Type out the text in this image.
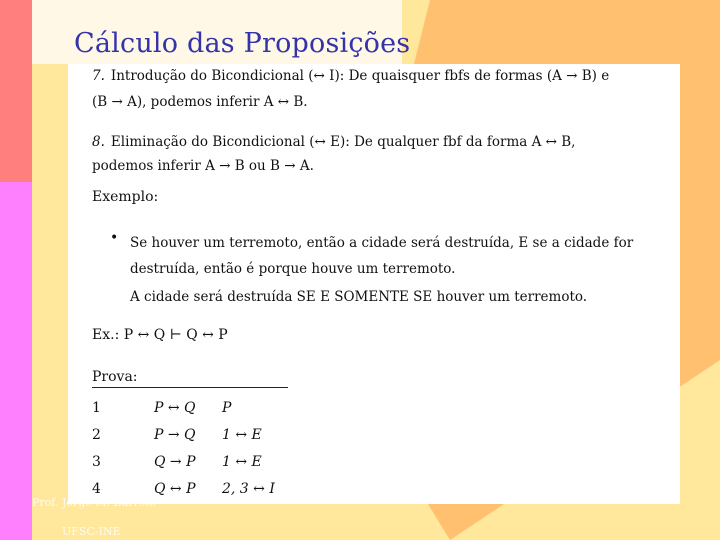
Cálculo das Proposições
7. Introdução do Bicondicional (↔ I): De quaisquer fbfs de formas (A → B) e
(B → A), podemos inferir A ↔ B.
8. Eliminação do Bicondicional (↔ E): De qualquer fbf da forma A ↔ B,
podemos inferir A → B ou B → A.
Exemplo:
• Se houver um terremoto, então a cidade será destruída, E se a cidade for
destruída, então é porque houve um terremoto.
A cidade será destruída SE E SOMENTE SE houver um terremoto.
Ex.: P ↔ Q ⊢ Q ↔ P
Prova:
1	P ↔ Q	P
2	P → Q	1 ↔ E
3	Q → P	1 ↔ E
4	Q ↔ P	2, 3 ↔ I
Prof. Jorge M. Barreto
UFSC-INE
